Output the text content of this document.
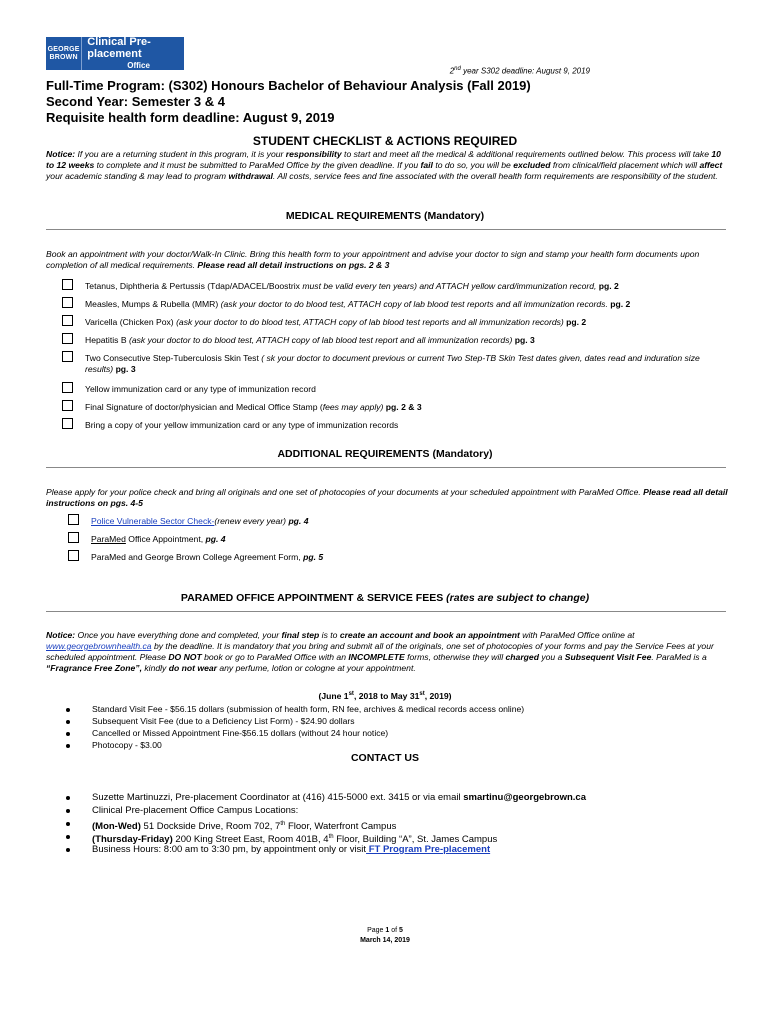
GEORGE
BROWN
Clinical Pre-placement
Office
2nd year S302 deadline: August 9, 2019
Full-Time Program: (S302) Honours Bachelor of Behaviour Analysis (Fall 2019)
Second Year: Semester 3 & 4
Requisite health form deadline: August 9, 2019
STUDENT CHECKLIST & ACTIONS REQUIRED
Notice: If you are a returning student in this program, it is your responsibility to start and meet all the medical & additional requirements outlined below. This process will take 10 to 12 weeks to complete and it must be submitted to ParaMed Office by the given deadline. If you fail to do so, you will be excluded from clinical/field placement which will affect your academic standing & may lead to program withdrawal. All costs, service fees and fine associated with the overall health form requirements are responsibility of the student.
MEDICAL REQUIREMENTS (Mandatory)
Book an appointment with your doctor/Walk-In Clinic. Bring this health form to your appointment and advise your doctor to sign and stamp your health form documents upon completion of all medical requirements. Please read all detail instructions on pgs. 2 & 3
Tetanus, Diphtheria & Pertussis (Tdap/ADACEL/Boostrix must be valid every ten years) and ATTACH yellow card/immunization record, pg. 2
Measles, Mumps & Rubella (MMR) (ask your doctor to do blood test, ATTACH copy of lab blood test reports and all immunization records. pg. 2
Varicella (Chicken Pox) (ask your doctor to do blood test, ATTACH copy of lab blood test reports and all immunization records) pg. 2
Hepatitis B (ask your doctor to do blood test, ATTACH copy of lab blood test report and all immunization records) pg. 3
Two Consecutive Step-Tuberculosis Skin Test ( sk your doctor to document previous or current Two Step-TB Skin Test dates given, dates read and induration size results) pg. 3
Yellow immunization card or any type of immunization record
Final Signature of doctor/physician and Medical Office Stamp (fees may apply) pg. 2 & 3
Bring a copy of your yellow immunization card or any type of immunization records
ADDITIONAL REQUIREMENTS (Mandatory)
Please apply for your police check and bring all originals and one set of photocopies of your documents at your scheduled appointment with ParaMed Office. Please read all detail instructions on pgs. 4-5
Police Vulnerable Sector Check-(renew every year) pg. 4
ParaMed Office Appointment, pg. 4
ParaMed and George Brown College Agreement Form, pg. 5
PARAMED OFFICE APPOINTMENT & SERVICE FEES (rates are subject to change)
Notice: Once you have everything done and completed, your final step is to create an account and book an appointment with ParaMed Office online at www.georgebrownhealth.ca by the deadline. It is mandatory that you bring and submit all of the originals, one set of photocopies of your forms and pay the Service Fees at your scheduled appointment. Please DO NOT book or go to ParaMed Office with an INCOMPLETE forms, otherwise they will charged you a Subsequent Visit Fee. ParaMed is a “Fragrance Free Zone”, kindly do not wear any perfume, lotion or cologne at your appointment.
(June 1st, 2018 to May 31st, 2019)
Standard Visit Fee - $56.15 dollars (submission of health form, RN fee, archives & medical records access online)
Subsequent Visit Fee (due to a Deficiency List Form) - $24.90 dollars
Cancelled or Missed Appointment Fine-$56.15 dollars (without 24 hour notice)
Photocopy - $3.00
CONTACT US
Suzette Martinuzzi, Pre-placement Coordinator at (416) 415-5000 ext. 3415 or via email smartinu@georgebrown.ca
Clinical Pre-placement Office Campus Locations:
(Mon-Wed) 51 Dockside Drive, Room 702, 7th Floor, Waterfront Campus
(Thursday-Friday) 200 King Street East, Room 401B, 4th Floor, Building “A”, St. James Campus
Business Hours: 8:00 am to 3:30 pm, by appointment only or visit FT Program Pre-placement
Page 1 of 5
March 14, 2019
